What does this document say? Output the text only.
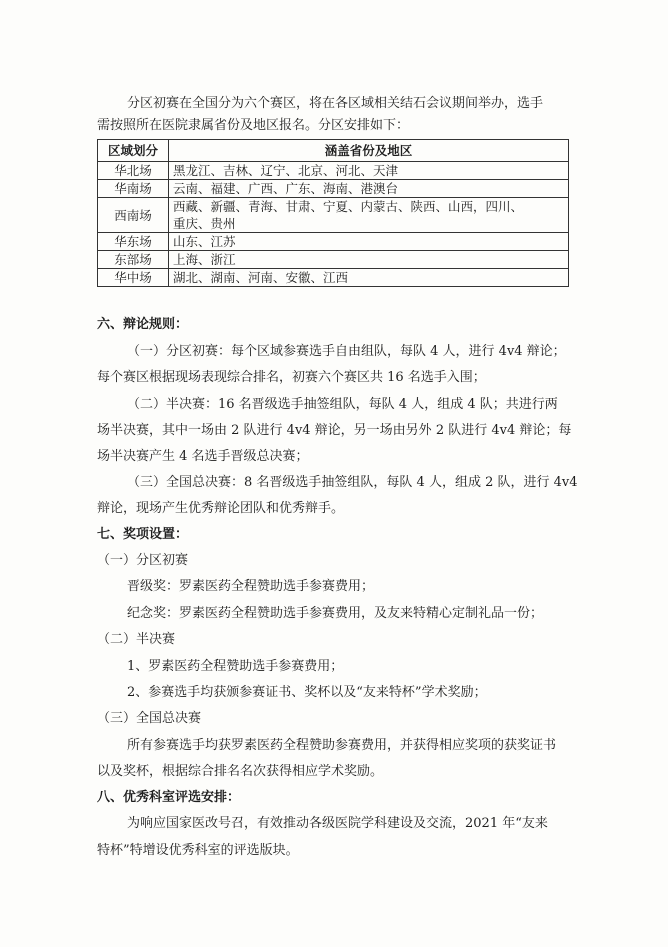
分区初赛在全国分为六个赛区，将在各区域相关结石会议期间举办，选手
需按照所在医院隶属省份及地区报名。分区安排如下：
区域划分	涵盖省份及地区
华北场	黑龙江、吉林、辽宁、北京、河北、天津
华南场	云南、福建、广西、广东、海南、港澳台
西南场	西藏、新疆、青海、甘肃、宁夏、内蒙古、陕西、山西，四川、
重庆、贵州

华东场	山东、江苏
东部场	上海、浙江
华中场	湖北、湖南、河南、安徽、江西
六、辩论规则：
（一）分区初赛：每个区域参赛选手自由组队，每队 4 人，进行 4v4 辩论；
每个赛区根据现场表现综合排名，初赛六个赛区共 16 名选手入围；
（二）半决赛：16 名晋级选手抽签组队，每队 4 人，组成 4 队；共进行两
场半决赛，其中一场由 2 队进行 4v4 辩论，另一场由另外 2 队进行 4v4 辩论；每
场半决赛产生 4 名选手晋级总决赛；
（三）全国总决赛：8 名晋级选手抽签组队，每队 4 人，组成 2 队，进行 4v4
辩论，现场产生优秀辩论团队和优秀辩手。
七、奖项设置：
（一）分区初赛
晋级奖：罗素医药全程赞助选手参赛费用；
纪念奖：罗素医药全程赞助选手参赛费用，及友来特精心定制礼品一份；
（二）半决赛
1、罗素医药全程赞助选手参赛费用；
2、参赛选手均获颁参赛证书、奖杯以及“友来特杯”学术奖励；
（三）全国总决赛
所有参赛选手均获罗素医药全程赞助参赛费用，并获得相应奖项的获奖证书
以及奖杯，根据综合排名名次获得相应学术奖励。
八、优秀科室评选安排：
为响应国家医改号召，有效推动各级医院学科建设及交流，2021 年“友来
特杯”特增设优秀科室的评选版块。
